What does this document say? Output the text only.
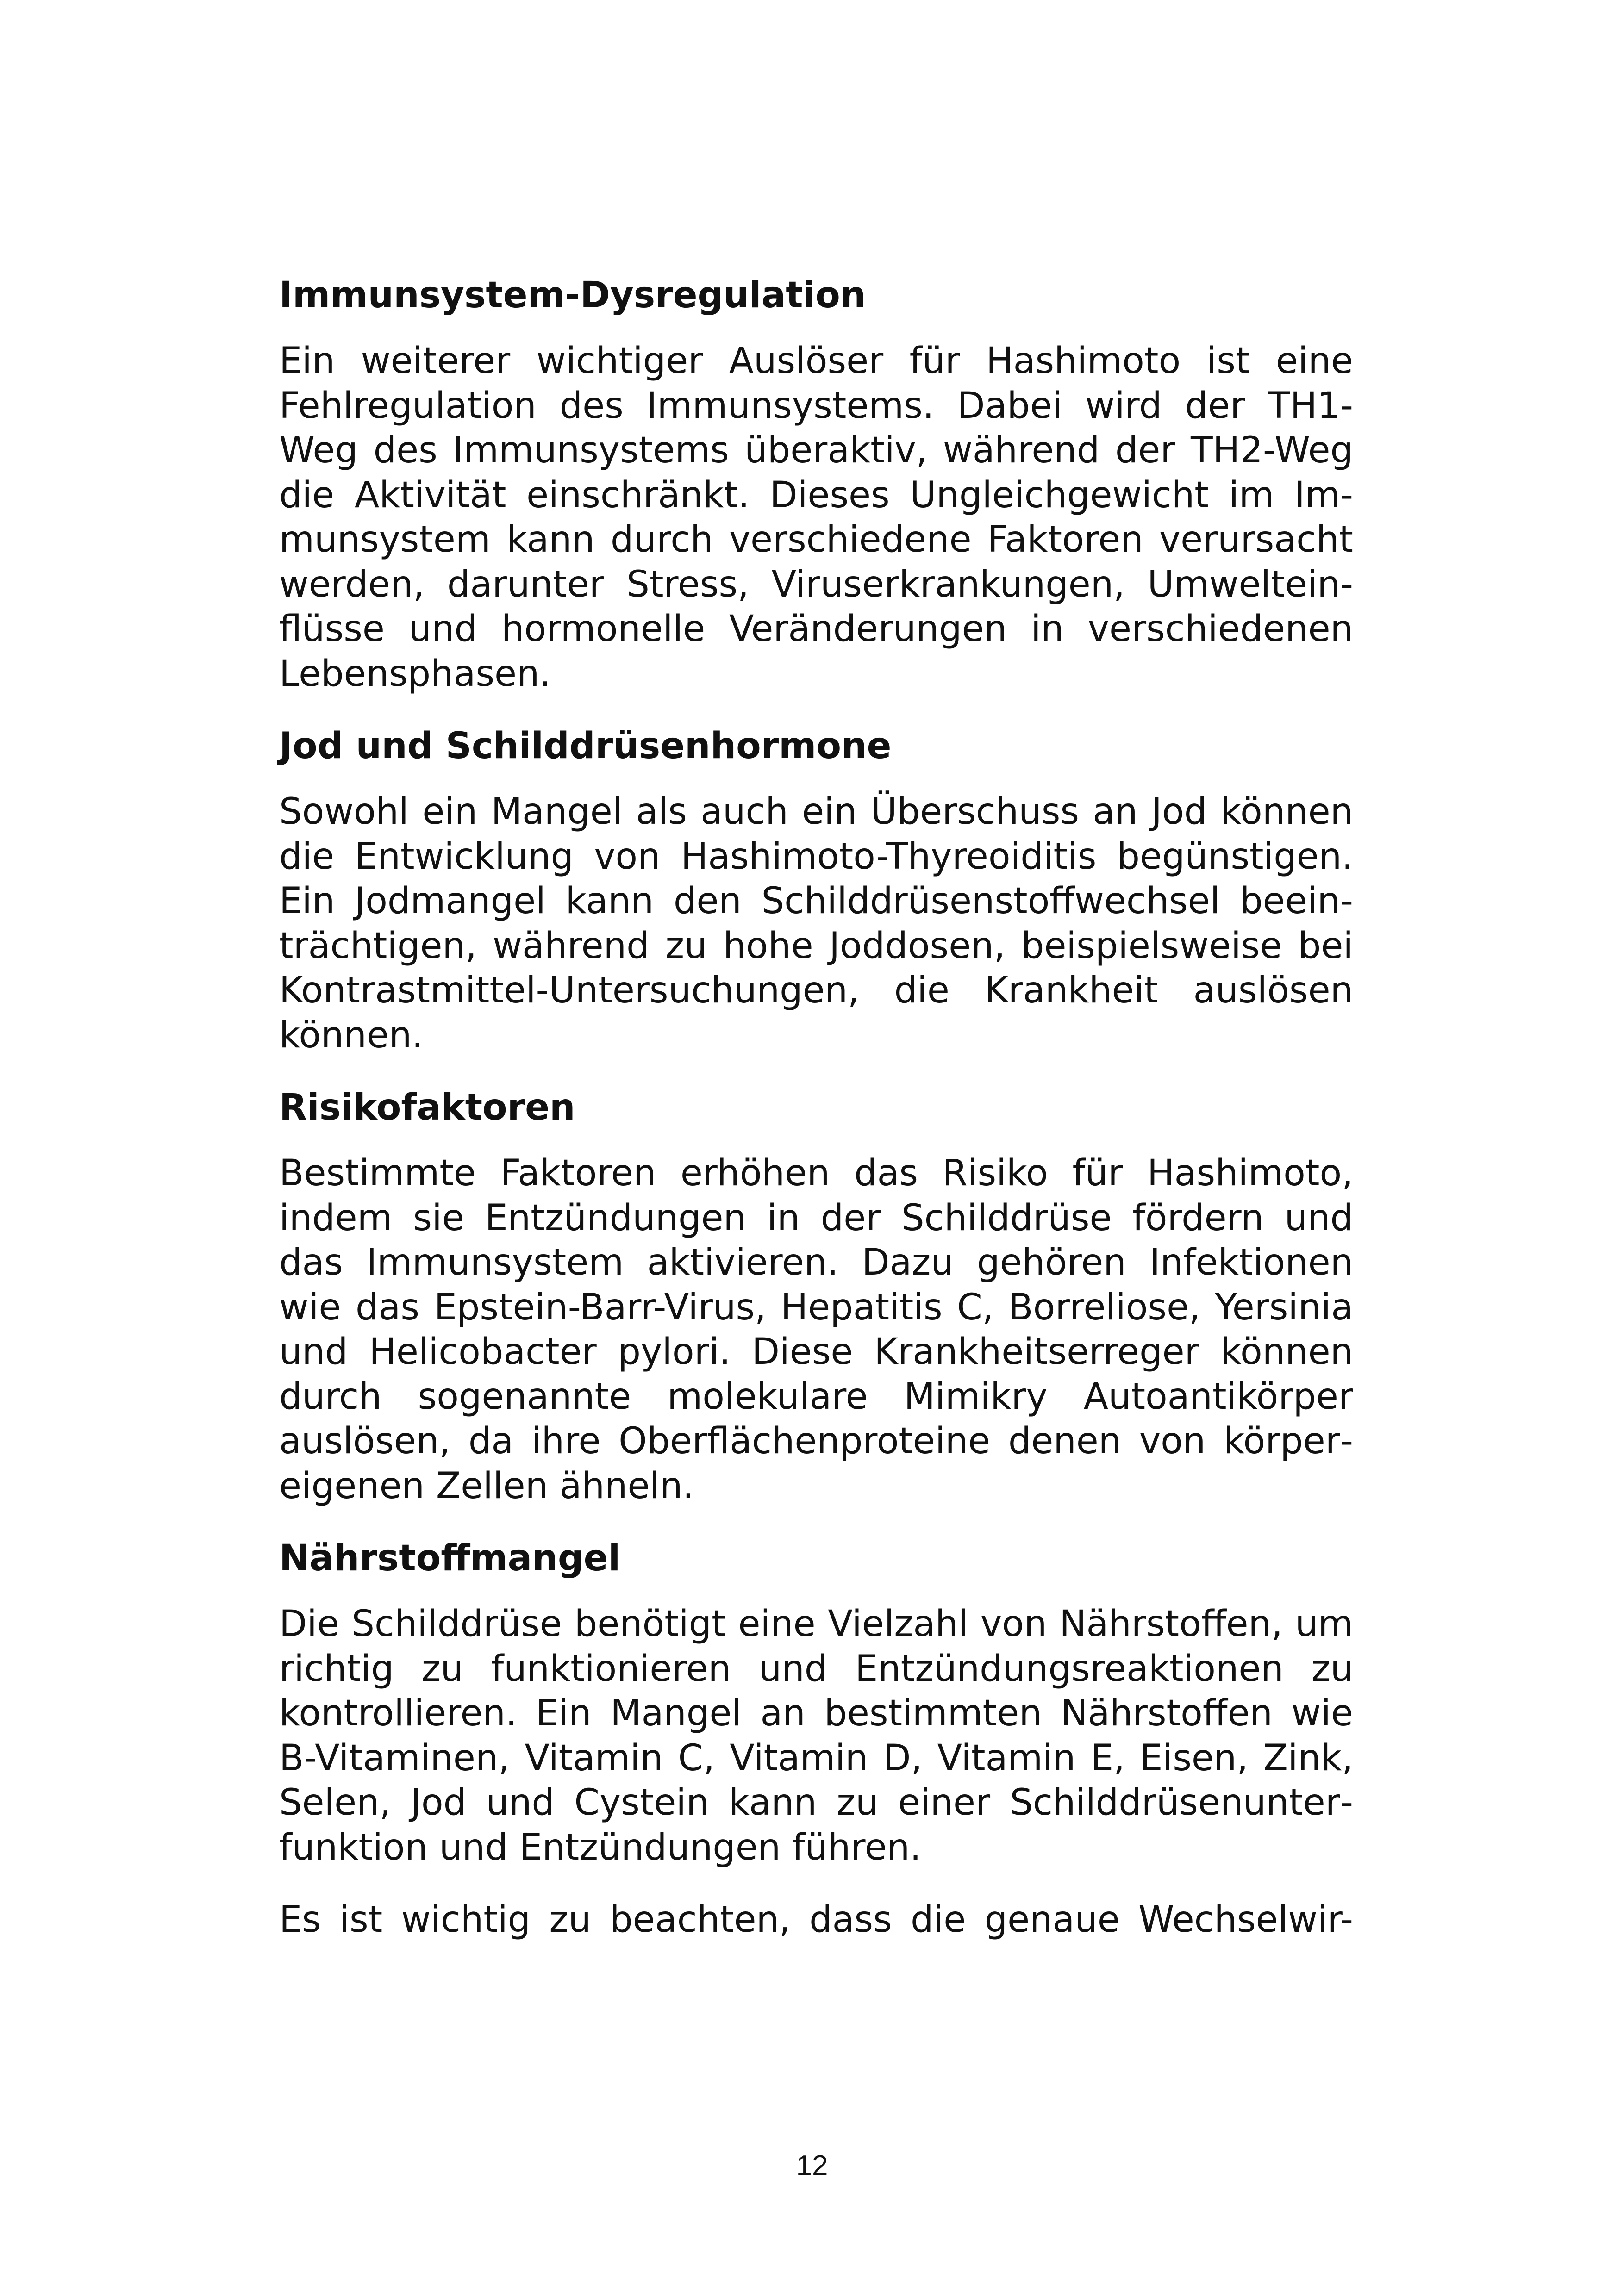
Immunsystem-Dysregulation

Ein weiterer wichtiger Auslöser für Hashimoto ist eine Fehlregulation des Immunsystems. Dabei wird der TH1-​Weg des Immunsystems überaktiv, während der TH2-Weg die Aktivität einschränkt. Dieses Ungleichgewicht im Immunsystem kann durch verschiedene Faktoren verursacht werden, darunter Stress, Viruserkrankungen, Umwelteinflüsse und hormonelle Veränderungen in verschiedenen Lebensphasen.

Jod und Schilddrüsenhormone

Sowohl ein Mangel als auch ein Überschuss an Jod können die Entwicklung von Hashimoto-Thyreoiditis begünstigen. Ein Jodmangel kann den Schilddrüsenstoffwechsel beeinträchtigen, während zu hohe Joddosen, beispielsweise bei Kontrastmittel-Untersuchungen, die Krankheit auslösen können.

Risikofaktoren

Bestimmte Faktoren erhöhen das Risiko für Hashimoto, indem sie Entzündungen in der Schilddrüse fördern und das Immunsystem aktivieren. Dazu gehören Infektionen wie das Epstein-Barr-Virus, Hepatitis C, Borreliose, Yersinia und Helicobacter pylori. Diese Krankheitserreger können durch sogenannte molekulare Mimikry Autoantikörper auslösen, da ihre Oberflächenproteine denen von körpereigenen Zellen ähneln.

Nährstoffmangel

Die Schilddrüse benötigt eine Vielzahl von Nährstoffen, um richtig zu funktionieren und Entzündungsreaktionen zu kontrollieren. Ein Mangel an bestimmten Nährstoffen wie B-Vitaminen, Vitamin C, Vitamin D, Vitamin E, Eisen, Zink, Selen, Jod und Cystein kann zu einer Schilddrüsenunterfunktion und Entzündungen führen.

Es ist wichtig zu beachten, dass die genaue Wechselwir-

12
